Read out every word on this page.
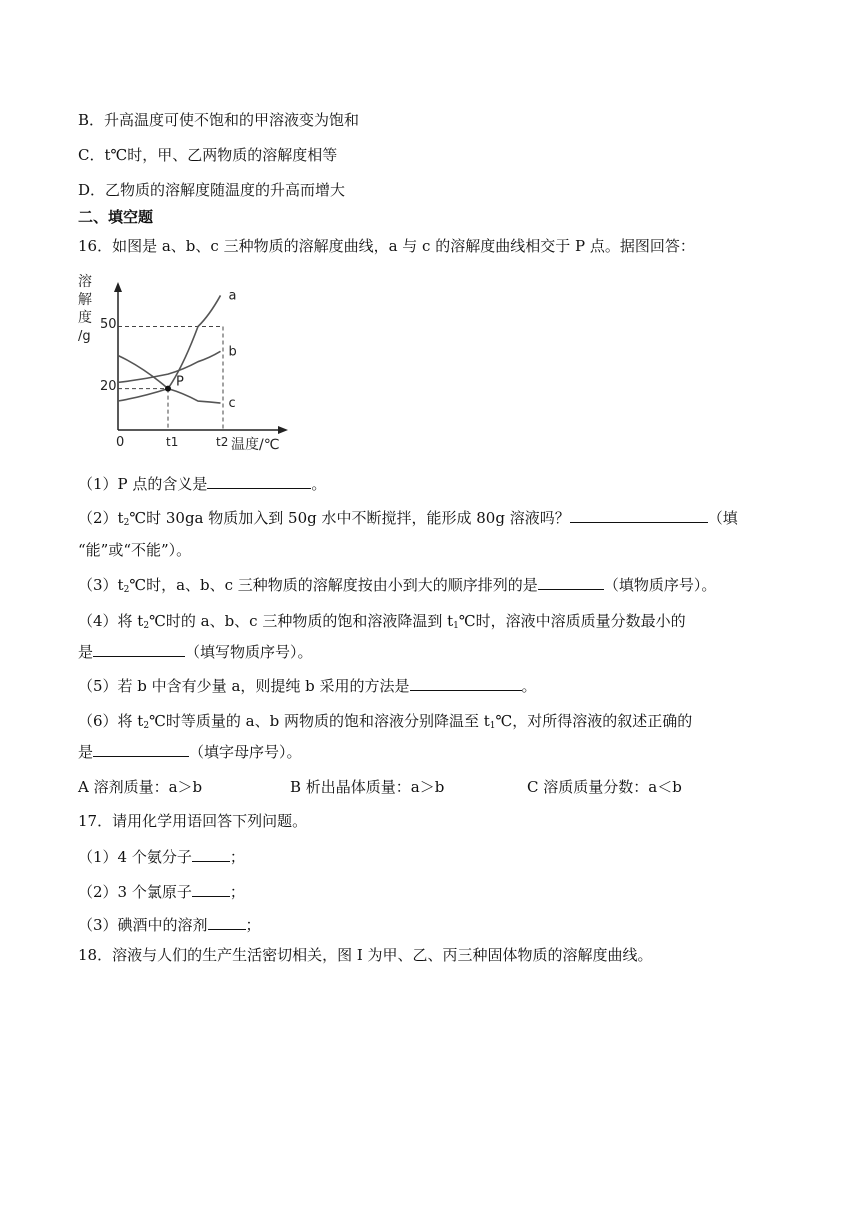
B．升高温度可使不饱和的甲溶液变为饱和
C．t℃时，甲、乙两物质的溶解度相等
D．乙物质的溶解度随温度的升高而增大
二、填空题
16．如图是 a、b、c 三种物质的溶解度曲线，a 与 c 的溶解度曲线相交于 P 点。据图回答：
溶
解
度
/g
a
b
c
P
50
20
0	t1	t2 温度/℃
（1）P 点的含义是	。
$(2)t_2℃$时 30ga 物质加入到 50g 水中不断搅拌，能形成 80g 溶液吗？	（填
“能”或“不能”）。
$(3)t_2℃$时，a、b、c 三种物质的溶解度按由小到大的顺序排列的是	（填物质序号）。
（4）将 $t_2℃$时的 a、b、c 三种物质的饱和溶液降温到 $t_1℃$时，溶液中溶质质量分数最小的
是	（填写物质序号）。
（5）若 b 中含有少量 a，则提纯 b 采用的方法是	。
（6）将 $t_2℃$时等质量的 a、b 两物质的饱和溶液分别降温至 $t_1℃$，对所得溶液的叙述正确的
是	（填字母序号）。
A 溶剂质量：a＞b	B 析出晶体质量：a＞b	C 溶质质量分数：a＜b
17．请用化学用语回答下列问题。
（1）4 个氨分子	；
（2）3 个氯原子	；
（3）碘酒中的溶剂	；
18．溶液与人们的生产生活密切相关，图 I 为甲、乙、丙三种固体物质的溶解度曲线。
